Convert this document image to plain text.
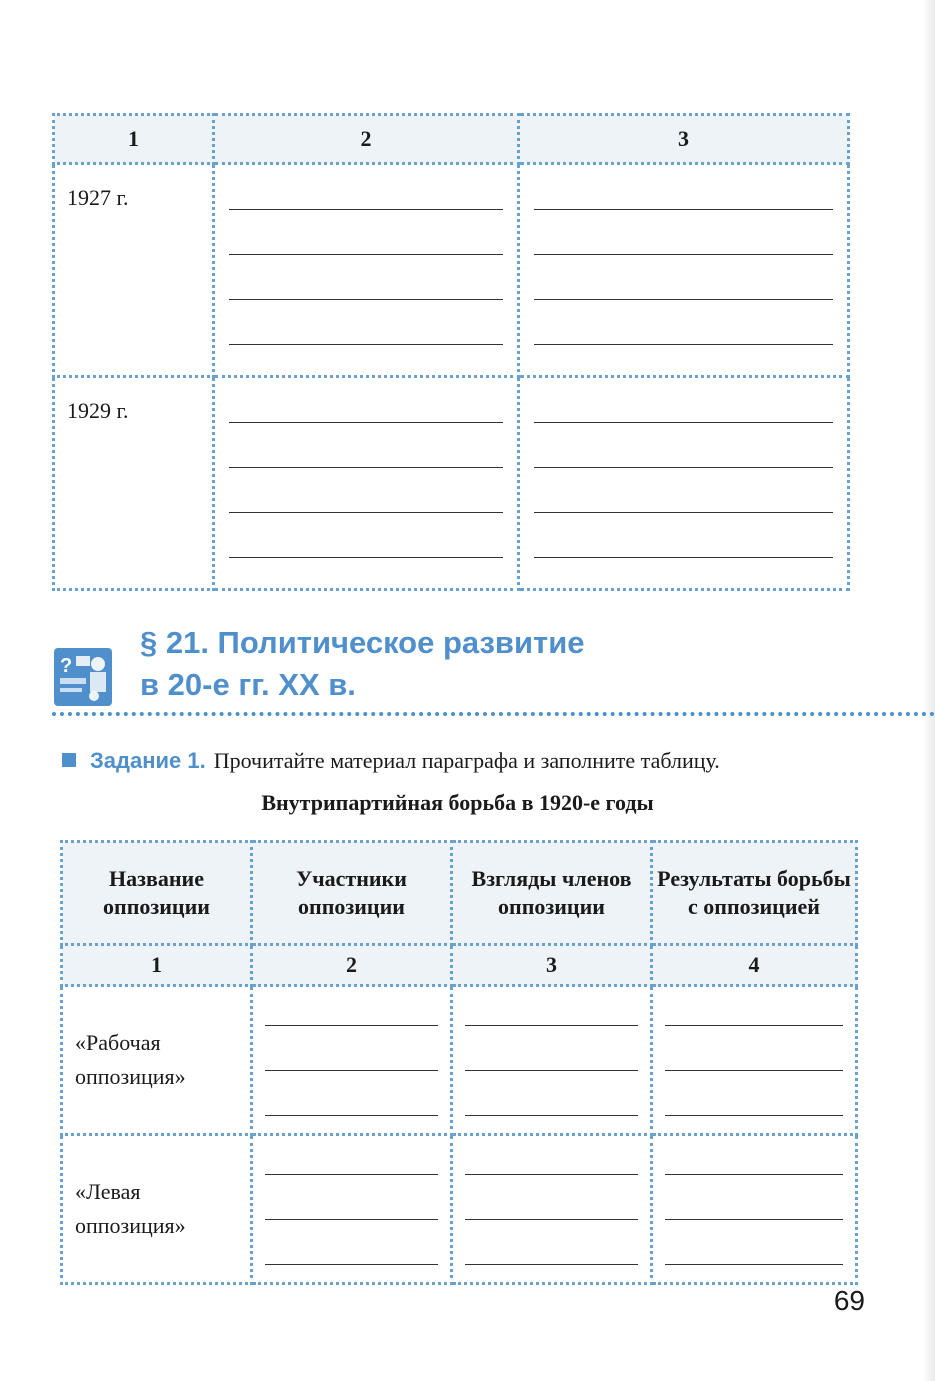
1	2	3
1927 г.	

1929 г.	

?
§ 21. Политическое развитие
в 20-е гг. XX в.
Задание 1. Прочитайте материал параграфа и заполните таблицу.
Внутрипартийная борьба в 1920-е годы
Название оппозиции	Участники оппозиции	Взгляды членов оппозиции	Результаты борьбы с оппозицией
1	2	3	4
«Рабочая оппозиция»	

«Левая оппозиция»	

69
